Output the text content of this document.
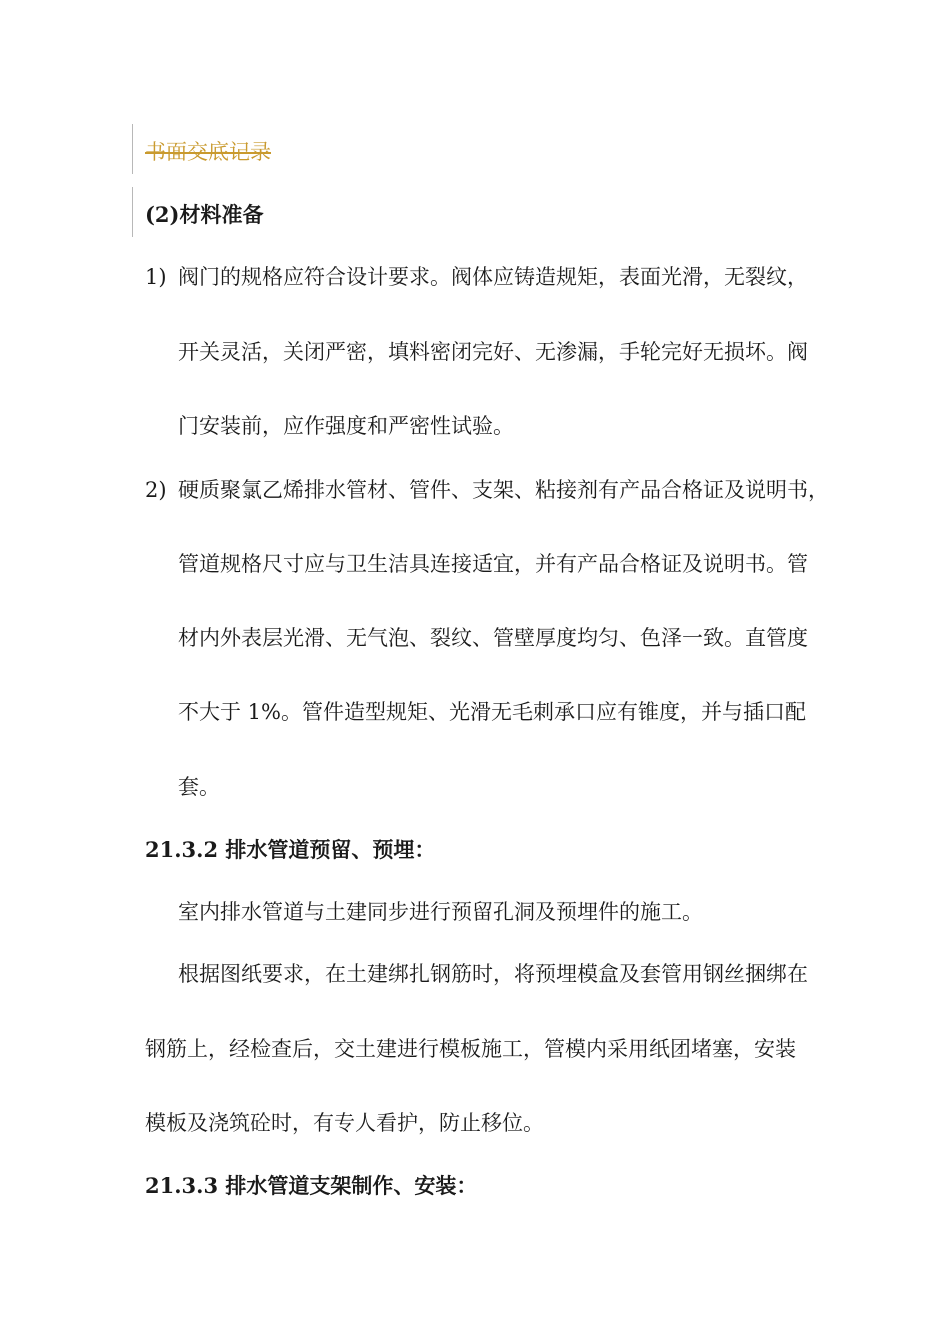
书面交底记录
(2)材料准备
1) 阀门的规格应符合设计要求。阀体应铸造规矩，表面光滑，无裂纹，
开关灵活，关闭严密，填料密闭完好、无渗漏，手轮完好无损坏。阀
门安装前，应作强度和严密性试验。
2) 硬质聚氯乙烯排水管材、管件、支架、粘接剂有产品合格证及说明书，
管道规格尺寸应与卫生洁具连接适宜，并有产品合格证及说明书。管
材内外表层光滑、无气泡、裂纹、管壁厚度均匀、色泽一致。直管度
不大于 1%。管件造型规矩、光滑无毛刺承口应有锥度，并与插口配
套。
21.3.2 排水管道预留、预埋：
室内排水管道与土建同步进行预留孔洞及预埋件的施工。
根据图纸要求，在土建绑扎钢筋时，将预埋模盒及套管用钢丝捆绑在
钢筋上，经检查后，交土建进行模板施工，管模内采用纸团堵塞，安装
模板及浇筑砼时，有专人看护，防止移位。
21.3.3 排水管道支架制作、安装：
